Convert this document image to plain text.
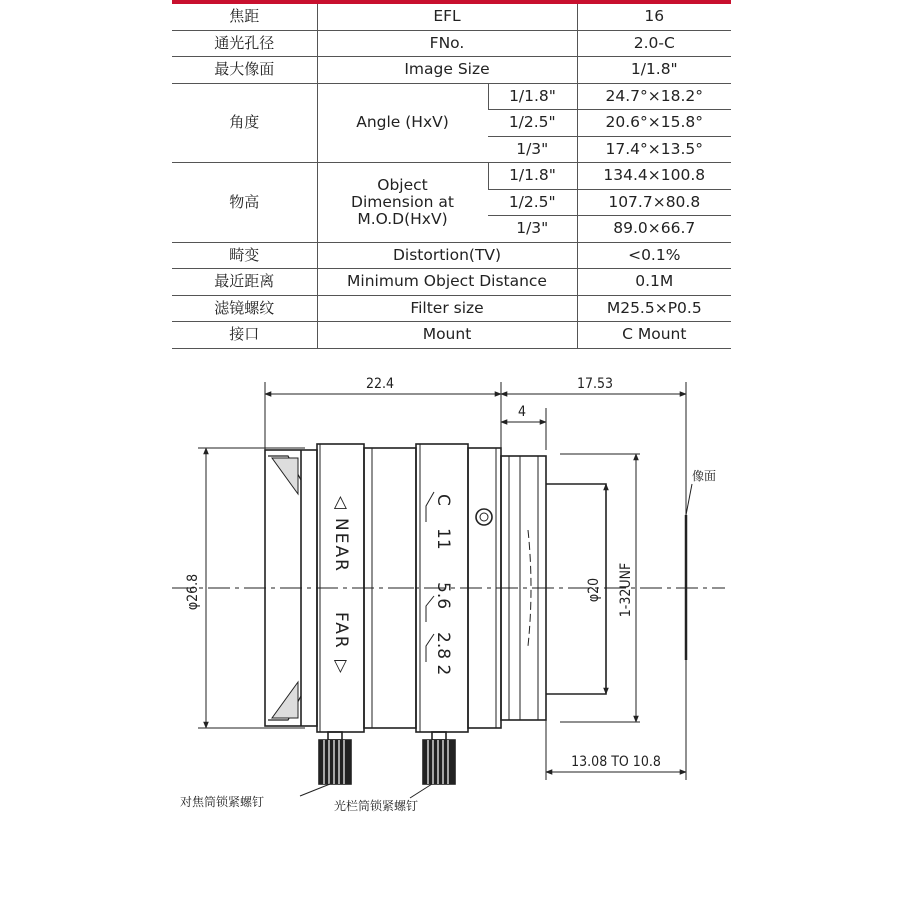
焦距	EFL		16
通光孔径	FNo.		2.0-C
最大像面	Image Size		1/1.8"
角度	Angle (HxV)	1/1.8"	24.7°×18.2°
		1/2.5"	20.6°×15.8°
		1/3"	17.4°×13.5°
物高	Object
Dimension at
M.O.D(HxV)	1/1.8"	134.4×100.8
		1/2.5"	107.7×80.8
		1/3"	89.0×66.7
畸变	Distortion(TV)		<0.1%
最近距离	Minimum Object Distance		0.1M
滤镜螺纹	Filter size		M25.5×P0.5
接口	Mount		C Mount
22.4	17.53
4
φ26.8	φ20 1-32UNF
13.08 TO 10.8
像面
◁
NEAR
FAR
▷
C
11
5.6
2.8 2
对焦筒锁紧螺钉	光栏筒锁紧螺钉
